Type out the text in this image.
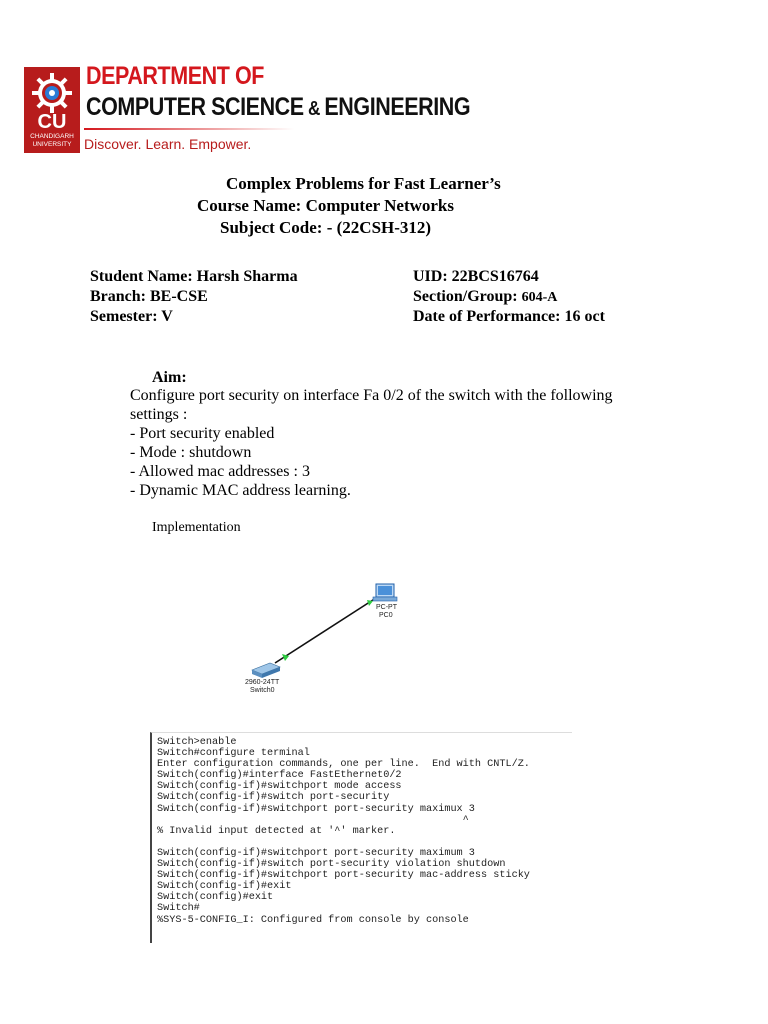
CU
CHANDIGARH UNIVERSITY
DEPARTMENT OF
COMPUTER SCIENCE & ENGINEERING
Discover. Learn. Empower.
Complex Problems for Fast Learner’s
Course Name: Computer Networks
Subject Code: - (22CSH-312)
Student Name: Harsh Sharma	UID: 22BCS16764
Branch: BE-CSE	Section/Group: 604-A
Semester: V	Date of Performance: 16 oct
Aim:
Configure port security on interface Fa 0/2 of the switch with the following
settings :
- Port security enabled
- Mode : shutdown
- Allowed mac addresses : 3
- Dynamic MAC address learning.
Implementation
PC-PT
PC0
2960-24TT
Switch0
Switch>enable
Switch#configure terminal
Enter configuration commands, one per line.  End with CNTL/Z.
Switch(config)#interface FastEthernet0/2
Switch(config-if)#switchport mode access
Switch(config-if)#switch port-security
Switch(config-if)#switchport port-security maximux 3
^
% Invalid input detected at '^' marker.

Switch(config-if)#switchport port-security maximum 3
Switch(config-if)#switch port-security violation shutdown
Switch(config-if)#switchport port-security mac-address sticky
Switch(config-if)#exit
Switch(config)#exit
Switch#
%SYS-5-CONFIG_I: Configured from console by console
